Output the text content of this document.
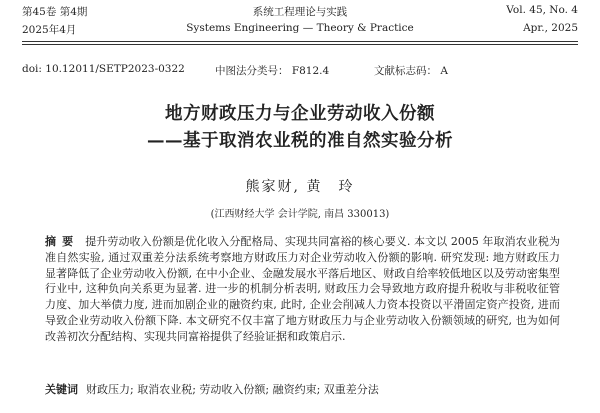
第45卷 第4期	系统工程理论与实践	Vol. 45, No. 4
2025年4月	Systems Engineering — Theory & Practice	Apr., 2025
doi: 10.12011/SETP2023-0322	中图法分类号： F812.4	文献标志码： A
地方财政压力与企业劳动收入份额
——基于取消农业税的准自然实验分析
熊家财, 黄　玲
(江西财经大学 会计学院, 南昌 330013)
摘要 提升劳动收入份额是优化收入分配格局、实现共同富裕的核心要义. 本文以 2005 年取消农业税为准自然实验, 通过双重差分法系统考察地方财政压力对企业劳动收入份额的影响. 研究发现: 地方财政压力显著降低了企业劳动收入份额, 在中小企业、金融发展水平落后地区、财政自给率较低地区以及劳动密集型行业中, 这种负向关系更为显著. 进一步的机制分析表明, 财政压力会导致地方政府提升税收与非税收征管力度、加大举债力度, 进而加剧企业的融资约束, 此时, 企业会削减人力资本投资以平滑固定资产投资, 进而导致企业劳动收入份额下降. 本文研究不仅丰富了地方财政压力与企业劳动收入份额领域的研究, 也为如何改善初次分配结构、实现共同富裕提供了经验证据和政策启示.
关键词 财政压力; 取消农业税; 劳动收入份额; 融资约束; 双重差分法
